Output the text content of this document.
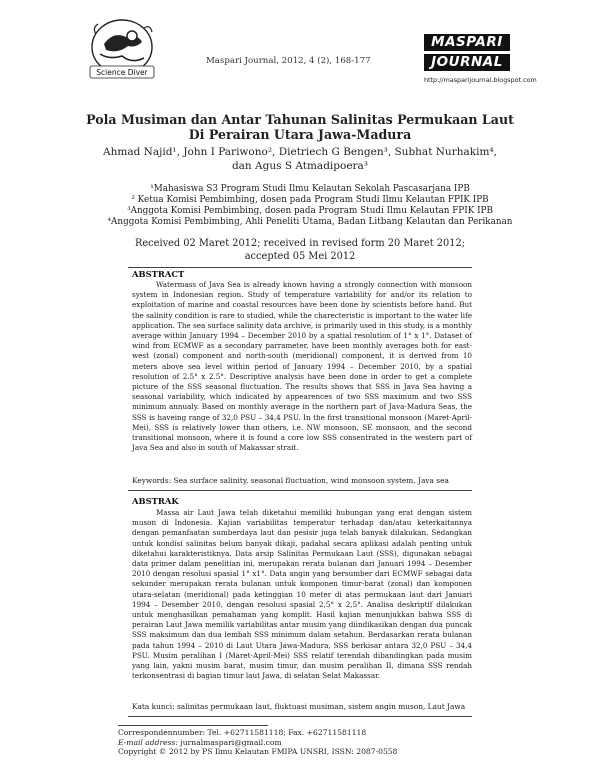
Science Diver
Maspari Journal, 2012, 4 (2), 168-177
MASPARI
JOURNAL
http://masparijournal.blogspot.com
Pola Musiman dan Antar Tahunan Salinitas Permukaan Laut
Di Perairan Utara Jawa-Madura
Ahmad Najid¹, John I Pariwono², Dietriech G Bengen³, Subhat Nurhakim⁴,
dan Agus S Atmadipoera³
¹Mahasiswa S3 Program Studi Ilmu Kelautan Sekolah Pascasarjana IPB
² Ketua Komisi Pembimbing, dosen pada Program Studi Ilmu Kelautan FPIK IPB
³Anggota Komisi Pembimbing, dosen pada Program Studi Ilmu Kelautan FPIK IPB
⁴Anggota Komisi Pembimbing, Ahli Peneliti Utama, Badan Litbang Kelautan dan Perikanan
Received 02 Maret 2012; received in revised form 20 Maret 2012;
accepted 05 Mei 2012
ABSTRACT

Watermass of Java Sea is already known having a strongly connection with monsoon system in Indonesian region. Study of temperature variability for and/or its relation to exploitation of marine and coastal resources have been done by scientists before hand. But the salinity condition is rare to studied, while the charecteristic is important to the water life application. The sea surface salinity data archive, is primarily used in this study, is a monthly average within January 1994 – December 2010 by a spatial resolution of 1° x 1°. Dataset of wind from ECMWF as a secondary parrameter, have been monthly averages both for east-west (zonal) component and north-south (meridional) component, it is derived from 10 meters above sea level within period of January 1994 – December 2010, by a spatial resolution of 2.5° x 2.5°. Descriptive analysis have been done in order to get a complete picture of the SSS seasonal fluctuation. The results shows that SSS in Java Sea having a seasonal variability, which indicated by appearences of two SSS maximum and two SSS minimum annualy. Based on monthly average in the northern part of Java-Madura Seas, the SSS is haveing range of 32,0 PSU – 34,4 PSU. In the first transitional monsoon (Maret-April-Mei), SSS is relatively lower than others, i.e. NW monsoon, SE monsoon, and the second transitional monsoon, where it is found a core low SSS consentrated in the western part of Java Sea and also in south of Makassar strait.

Keywords: Sea surface salinity, seasonal fluctuation, wind monsoon system, Java sea
ABSTRAK

Massa air Laut Jawa telah diketahui memiliki hubungan yang erat dengan sistem muson di Indonesia. Kajian variabilitas temperatur terhadap dan/atau keterkaitannya dengan pemanfaatan sumberdaya laut dan pesisir juga telah banyak dilakukan. Sedangkan untuk kondisi salinitas belum banyak dikaji, padahal secara aplikasi adalah penting untuk diketahui karakteristiknya. Data arsip Salinitas Permukaan Laut (SSS), digunakan sebagai data primer dalam penelitian ini, merupakan rerata bulanan dari Januari 1994 – Desember 2010 dengan resolusi spasial 1° x1°. Data angin yang bersumber dari ECMWF sebagai data sekunder merupakan rerata bulanan untuk komponen timur-barat (zonal) dan komponen utara-selatan (meridional) pada ketinggian 10 meter di atas permukaan laut dari Januari 1994 – Desember 2010, dengan resolusi spasial 2,5° x 2,5°. Analisa deskriptif dilakukan untuk menghasilkan pemahaman yang komplit. Hasil kajian menunjukkan bahwa SSS di perairan Laut Jawa memilik variabilitas antar musim yang diindikasikan dengan dua puncak SSS maksimum dan dua lembah SSS minimum dalam setahun. Berdasarkan rerata bulanan pada tahun 1994 – 2010 di Laut Utara Jawa-Madura, SSS berkisar antara 32,0 PSU – 34,4 PSU. Musim peralihan I (Maret-April-Mei) SSS relatif terendah dibandingkan pada musim yang lain, yakni musim barat, musim timur, dan musim peralihan II, dimana SSS rendah terkonsentrasi di bagian timur laut Jawa, di selatan Selat Makassar.

Kata kunci: salinitas permukaan laut, fluktuasi musiman, sistem angin muson, Laut Jawa
Correspondennumber: Tel. +62711581118; Fax. +62711581118
E-mail address: jurnalmaspari@gmail.com
Copyright © 2012 by PS Ilmu Kelautan FMIPA UNSRI, ISSN: 2087-0558
